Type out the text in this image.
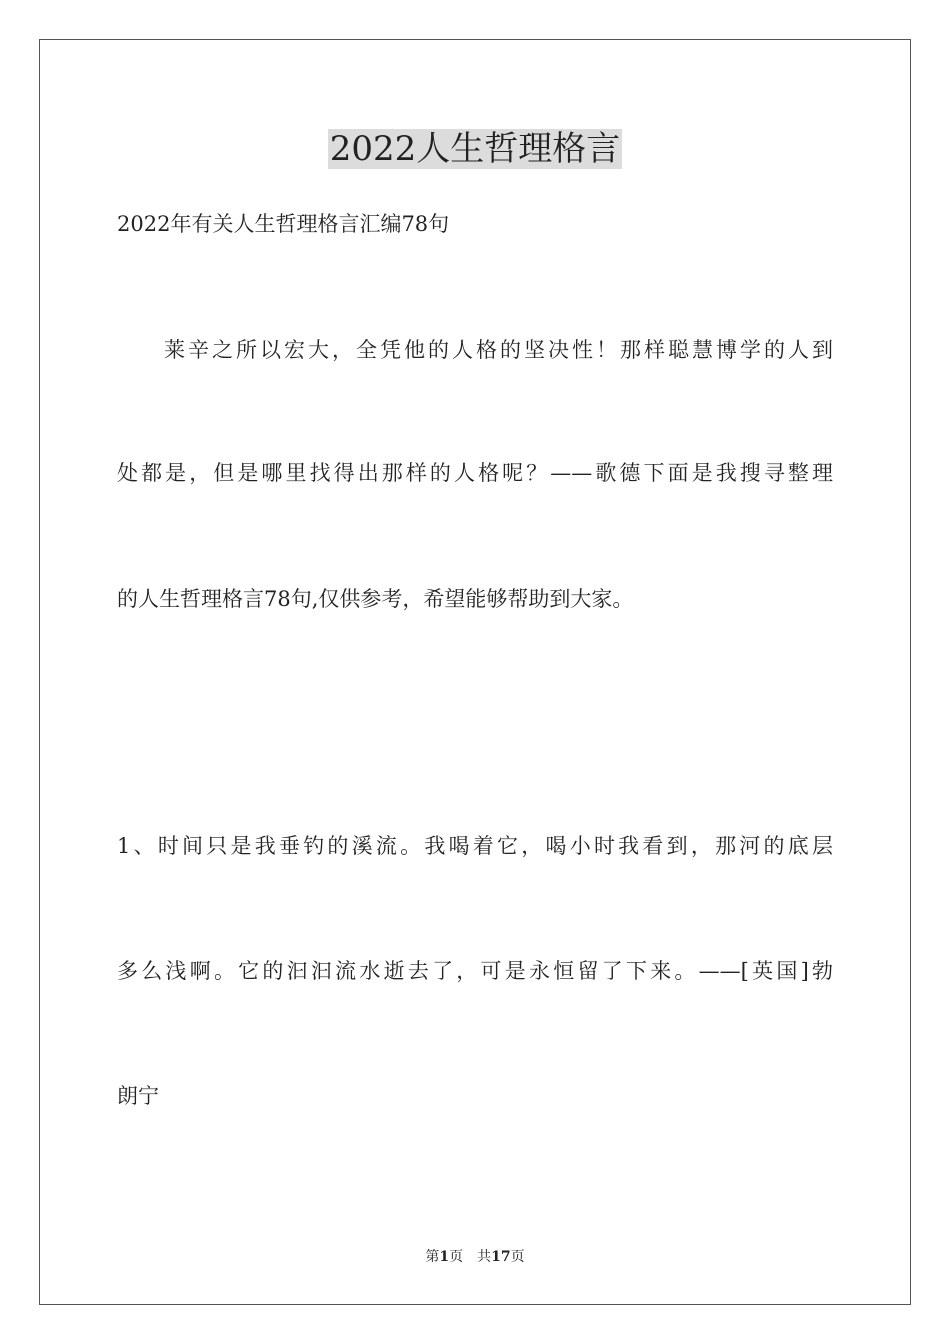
2022人生哲理格言

2022年有关人生哲理格言汇编78句

莱辛之所以宏大，全凭他的人格的坚决性！那样聪慧博学的人到

处都是，但是哪里找得出那样的人格呢？——歌德下面是我搜寻整理

的人生哲理格言78句,仅供参考，希望能够帮助到大家。

1、时间只是我垂钓的溪流。我喝着它，喝小时我看到，那河的底层

多么浅啊。它的汩汩流水逝去了，可是永恒留了下来。——[英国]勃

朗宁

第1页 共17页
